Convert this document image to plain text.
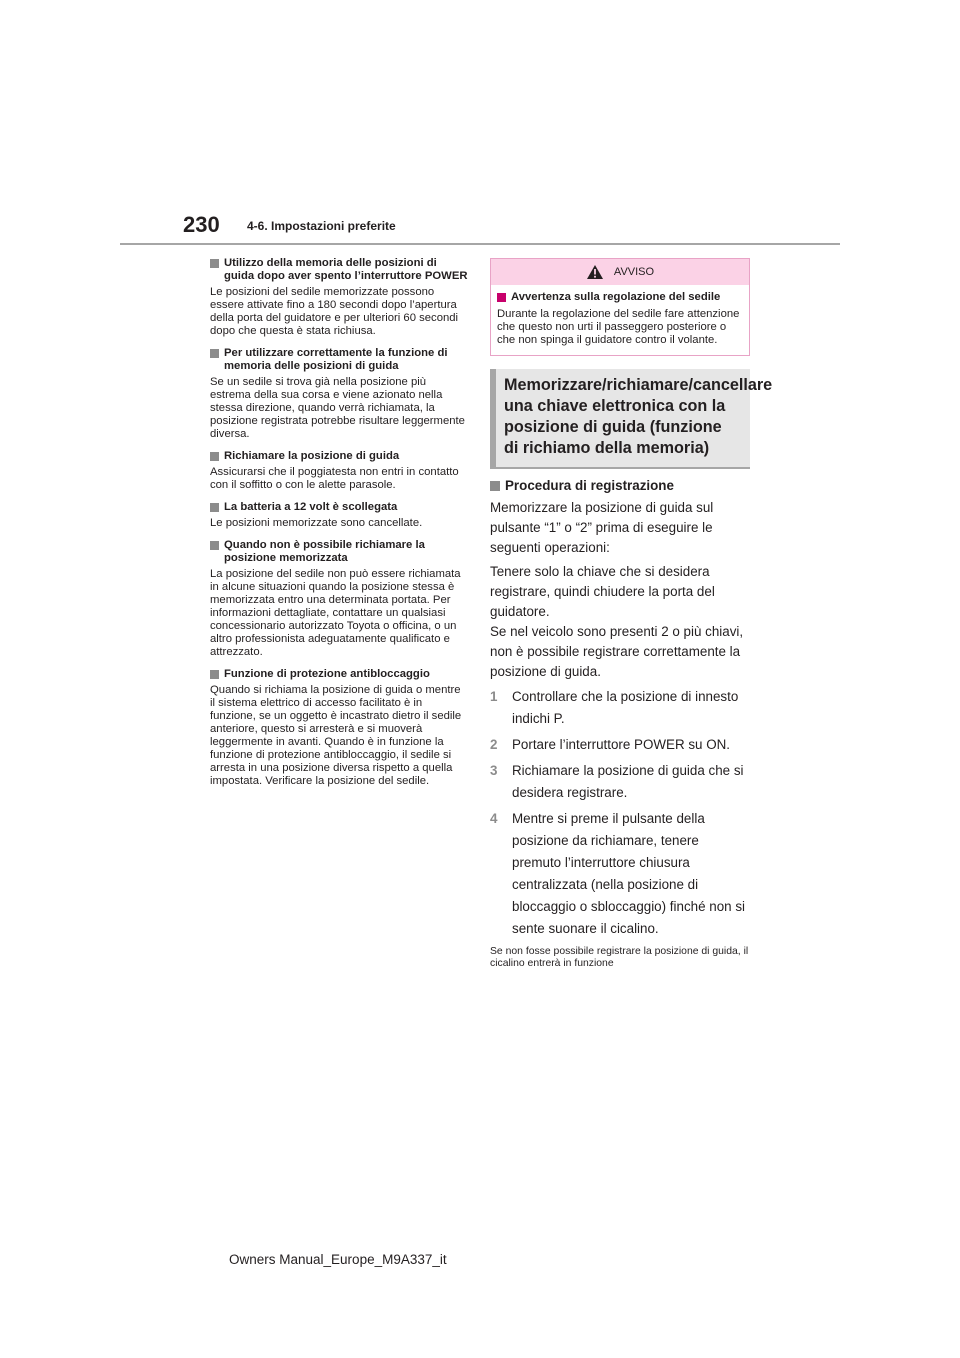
230 4-6. Impostazioni preferite
Utilizzo della memoria delle posizioni di guida dopo aver spento l’interruttore POWER
Le posizioni del sedile memorizzate possono essere attivate fino a 180 secondi dopo l’apertura della porta del guidatore e per ulteriori 60 secondi dopo che questa è stata richiusa.
Per utilizzare correttamente la funzione di memoria delle posizioni di guida
Se un sedile si trova già nella posizione più estrema della sua corsa e viene azionato nella stessa direzione, quando verrà richiamata, la posizione registrata potrebbe risultare leggermente diversa.
Richiamare la posizione di guida
Assicurarsi che il poggiatesta non entri in contatto con il soffitto o con le alette parasole.
La batteria a 12 volt è scollegata
Le posizioni memorizzate sono cancellate.
Quando non è possibile richiamare la posizione memorizzata
La posizione del sedile non può essere richiamata in alcune situazioni quando la posizione stessa è memorizzata entro una determinata portata. Per informazioni dettagliate, contattare un qualsiasi concessionario autorizzato Toyota o officina, o un altro professionista adeguatamente qualificato e attrezzato.
Funzione di protezione antibloccaggio
Quando si richiama la posizione di guida o mentre il sistema elettrico di accesso facilitato è in funzione, se un oggetto è incastrato dietro il sedile anteriore, questo si arresterà e si muoverà leggermente in avanti. Quando è in funzione la funzione di protezione antibloccaggio, il sedile si arresta in una posizione diversa rispetto a quella impostata. Verificare la posizione del sedile.
AVVISO
Avvertenza sulla regolazione del sedile
Durante la regolazione del sedile fare attenzione che questo non urti il passeggero posteriore o che non spinga il guidatore contro il volante.
Memorizzare/richiamare/cancellare una chiave elettronica con la posizione di guida (funzione di richiamo della memoria)
Procedura di registrazione
Memorizzare la posizione di guida sul pulsante “1” o “2” prima di eseguire le seguenti operazioni:
Tenere solo la chiave che si desidera registrare, quindi chiudere la porta del guidatore.
Se nel veicolo sono presenti 2 o più chiavi, non è possibile registrare correttamente la posizione di guida.
1	Controllare che la posizione di innesto indichi P.
2	Portare l’interruttore POWER su ON.
3	Richiamare la posizione di guida che si desidera registrare.
4	Mentre si preme il pulsante della posizione da richiamare, tenere premuto l’interruttore chiusura centralizzata (nella posizione di bloccaggio o sbloccaggio) finché non si sente suonare il cicalino.
Se non fosse possibile registrare la posizione di guida, il cicalino entrerà in funzione
Owners Manual_Europe_M9A337_it
